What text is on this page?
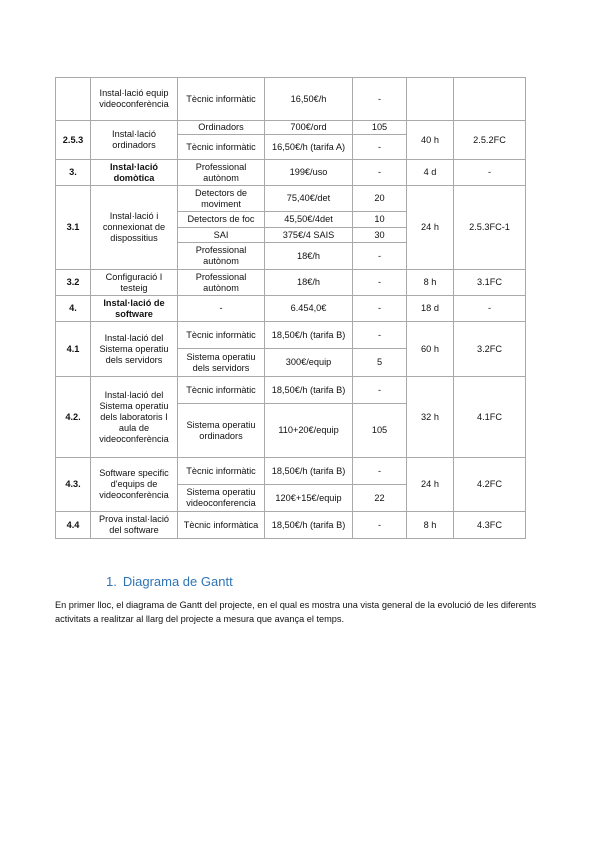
	Instal·lació equip videoconferència	Tècnic informàtic	16,50€/h	-		
2.5.3	Instal·lació ordinadors	Ordinadors	700€/ord	105	40 h	2.5.2FC
		Tècnic informàtic	16,50€/h (tarifa A)	-		
3.	Instal·lació domòtica	Professional autònom	199€/uso	-	4 d	-
3.1	Instal·lació i connexionat de dispossitius	Detectors de moviment	75,40€/det	20	24 h	2.5.3FC-1
		Detectors de foc	45,50€/4det	10		
		SAI	375€/4 SAIS	30		
		Professional autònom	18€/h	-		
3.2	Configuració I testeig	Professional autònom	18€/h	-	8 h	3.1FC
4.	Instal·lació de software	-	6.454,0€	-	18 d	-
4.1	Instal·lació del Sistema operatiu dels servidors	Tècnic informàtic	18,50€/h (tarifa B)	-	60 h	3.2FC
		Sistema operatiu dels servidors	300€/equip	5		
4.2.	Instal·lació del Sistema operatiu dels laboratoris I aula de videoconferència	Tècnic informàtic	18,50€/h (tarifa B)	-	32 h	4.1FC
		Sistema operatiu ordinadors	110+20€/equip	105		
4.3.	Software specific d'equips de videoconferència	Tècnic informàtic	18,50€/h (tarifa B)	-	24 h	4.2FC
		Sistema operatiu videoconferencia	120€+15€/equip	22		
4.4	Prova instal·lació del software	Tècnic informàtica	18,50€/h (tarifa B)	-	8 h	4.3FC
1. Diagrama de Gantt
En primer lloc, el diagrama de Gantt del projecte, en el qual es mostra una vista general de la evolució de les diferents activitats a realitzar al llarg del projecte a mesura que avança el temps.
